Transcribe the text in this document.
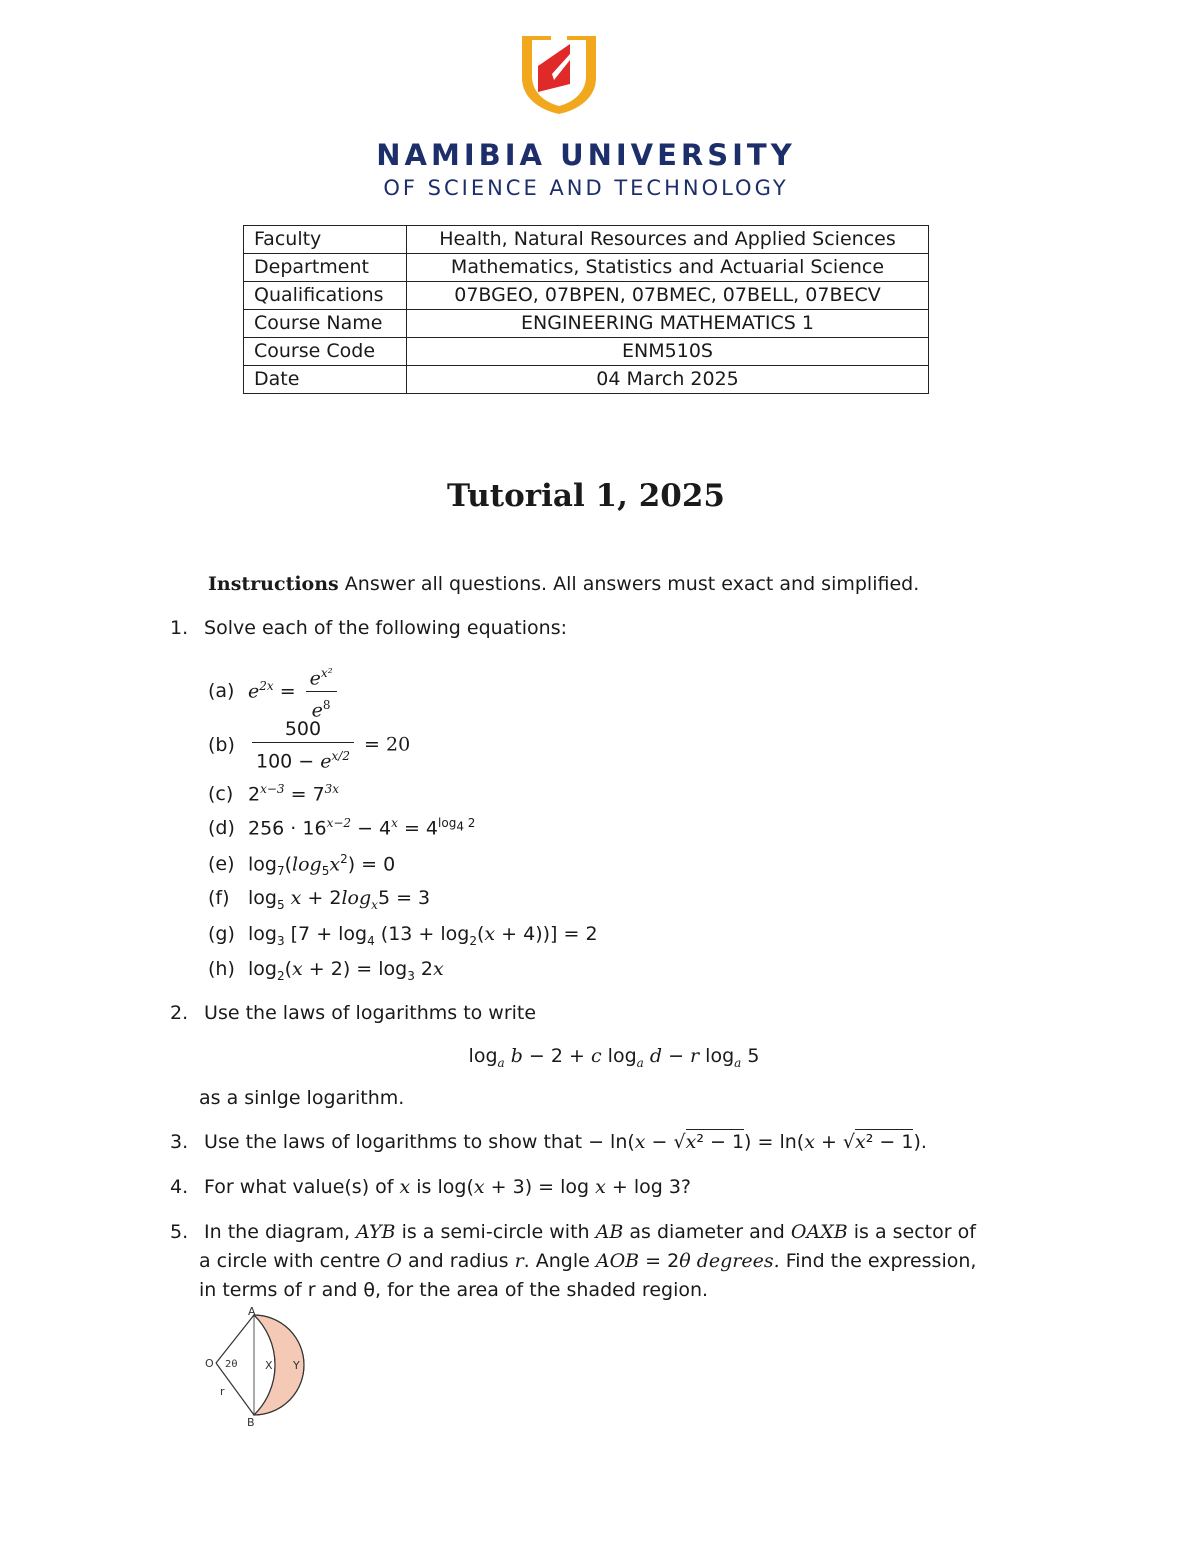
NAMIBIA UNIVERSITY
OF SCIENCE AND TECHNOLOGY
Faculty	Health, Natural Resources and Applied Sciences
Department	Mathematics, Statistics and Actuarial Science
Qualifications	07BGEO, 07BPEN, 07BMEC, 07BELL, 07BECV
Course Name	ENGINEERING MATHEMATICS 1
Course Code	ENM510S
Date	04 March 2025
Tutorial 1, 2025
Instructions Answer all questions. All answers must exact and simplified.
1. Solve each of the following equations:
(a) $e^{2x} = \frac{e^{x^2}}{e^8}$
$(b) \frac{500}{100 - e^{x/2}} = 20$
(c) $2^{x-3} = 7^{3x}$
(d) $256 \cdot 16^{x-2} - 4^x = 4^{log_4 2}$
(e) $\log_7(\log_5x^2) = 0$
(f) $\log_5 x + 2\log_x5 = 3$
(g) $\log_3 [7 + \log_4 (13 + \log_2(x + 4))] = 2$
(h) $\log_2(x + 2) = \log_3 2x$
2. Use the laws of logarithms to write
$\log_a b - 2 + c$ $\log_a d - r$ $\log_a 5$
as a sinlge logarithm.
3. Use the laws of logarithms to show that − ln(x − √x² − 1) = ln(x + √x² − 1).
4. For what value(s) of x is log(x + 3) = log x + log 3?
5. In the diagram, AYB is a semi-circle with AB as diameter and OAXB is a sector of
a circle with centre O and radius r. Angle AOB = 2θ degrees. Find the expression,
in terms of r and θ, for the area of the shaded region.
A
B
O 2θ	X Y
r
